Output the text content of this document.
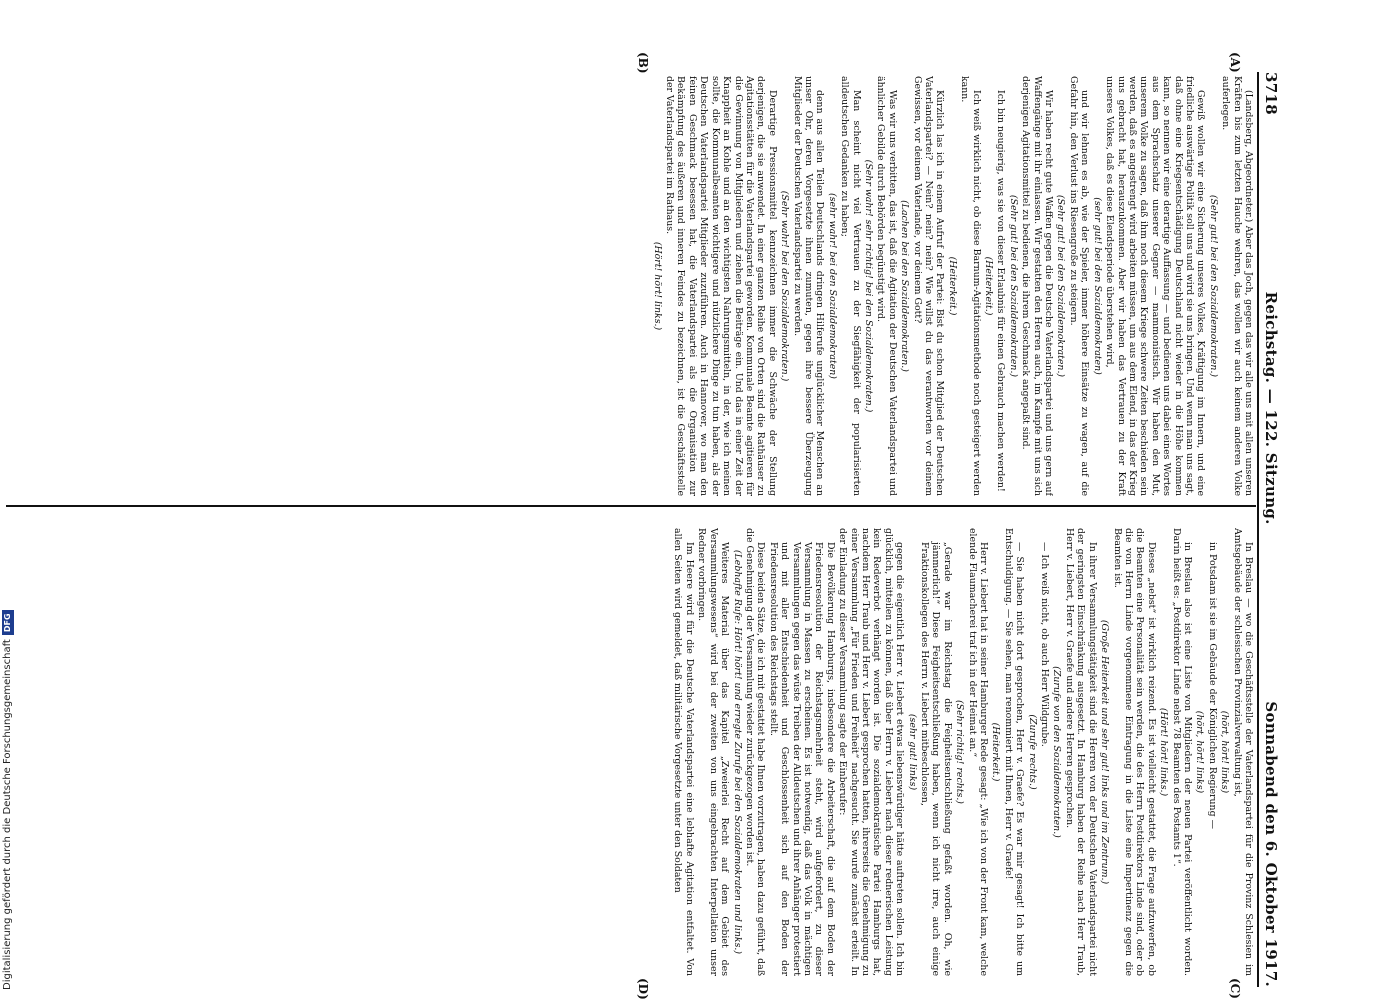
3718
Reichstag. — 122. Sitzung.
Sonnabend den 6. Oktober 1917.
(A)
(B)
(C)
(D)

(Landsberg, Abgeordneter.) Aber das Joch, gegen das wir alle uns mit allen unseren Kräften bis zum letzten Hauche wehren, das wollen wir auch keinem anderen Volke auferlegen.

(Sehr gut! bei den Sozialdemokraten.)

Gewiß wollen wir eine Sicherung unseres Volkes, Kräftigung im Innern, und eine friedliche auswärtige Politik soll uns und wird sie uns bringen. Und wenn man uns sagt, daß ohne eine Kriegsentschädigung Deutschland nicht wieder in die Höhe kommen kann, so nennen wir eine derartige Auffassung — und bedienen uns dabei eines Wortes aus dem Sprachschatz unserer Gegner — mammonistisch. Wir haben den Mut, unserem Volke zu sagen, daß ihm noch diesem Kriege schwere Zeiten beschieden sein werden, daß es angestrengt wird arbeiten müssen, um aus dem Elend, in das der Krieg uns gebracht hat, herauszukommen. Aber wir haben das Vertrauen zu der Kraft unseres Volkes, daß es diese Elendsperiode überstehen wird,

(sehr gut! bei den Sozialdemokraten)

und wir lehnen es ab, wie der Spieler, immer höhere Einsätze zu wagen, auf die Gefahr hin, den Verlust ins Riesengroße zu steigern.

(Sehr gut! bei den Sozialdemokraten.)

Wir haben recht gute Waffen gegen die Deutsche Vaterlandspartei und uns gern auf Waffengänge mit ihr einlassen. Wir gestatten den Herren auch, im Kampfe mit uns sich derjenigen Agitationsmittel zu bedienen, die ihrem Geschmack angepaßt sind.

(Sehr gut! bei den Sozialdemokraten.)

Ich bin neugierig, was sie von dieser Erlaubnis für einen Gebrauch machen werden!

(Heiterkeit.)

Ich weiß wirklich nicht, ob diese Barnum-Agitationsmethode noch gesteigert werden kann.

(Heiterkeit.)

Kürzlich las ich in einem Aufruf der Partei: Bist du schon Mitglied der Deutschen Vaterlandspartei? — Nein? nein? nein? Wie willst du das verantworten vor deinem Gewissen, vor deinem Vaterlande, vor deinem Gott?

(Lachen bei den Sozialdemokraten.)

Was wir uns verbitten, das ist, daß die Agitation der Deutschen Vaterlandspartei und ähnlicher Gebilde durch Behörden begünstigt wird.

(Sehr wahr! sehr richtig! bei den Sozialdemokraten.)

Man scheint nicht viel Vertrauen zu der Siegfähigkeit der popularisierten alldeutschen Gedanken zu haben;

(sehr wahr! bei den Sozialdemokraten)

denn aus allen Teilen Deutschlands dringen Hilferufe unglücklicher Menschen an unser Ohr, deren Vorgesetzte ihnen zumuten, gegen ihre bessere Überzeugung Mitglieder der Deutschen Vaterlandspartei zu werden.

(Sehr wahr! bei den Sozialdemokraten.)

Derartige Pressionsmittel kennzeichnen immer die Schwäche der Stellung derjenigen, die sie anwendet. In einer ganzen Reihe von Orten sind die Rathäuser zu Agitationsstätten für die Vaterlandspartei geworden. Kommunale Beamte agitieren für die Gewinnung von Mitgliedern und ziehen die Beiträge ein. Und das in einer Zeit der Knappheit an Kohle und an den wichtigsten Nahrungsmitteln, in der, wie ich meinen sollte, die Kommunalbeamten wichtigere und nützlichere Dinge zu tun haben, als der Deutschen Vaterlandspartei Mitglieder zuzuführen. Auch in Hannover, wo man den feinen Geschmack besessen hat, die Vaterlandspartei als die Organisation zur Bekämpfung des äußeren und inneren Feindes zu bezeichnen, ist die Geschäftsstelle der Vaterlandspartei im Rathaus.

(Hört! hört! links.)

In Breslau — wo die Geschäftsstelle der Vaterlandspartei für die Provinz Schlesien im Amtsgebäude der schlesischen Provinzialverwaltung ist,

(hört, hört! links)

in Potsdam ist sie im Gebäude der Königlichen Regierung —

(hört, hört! links)

in Breslau also ist eine Liste von Mitgliedern der neuen Partei veröffentlicht worden. Darin heißt es: „Postdirektor Linde nebst 78 Beamten des Postamts 1“.

(Hört! hört! links.)

Dieses „nebst“ ist wirklich reizend. Es ist vielleicht gestattet, die Frage aufzuwerfen, ob die Beamten eine Personalität sein werden, die des Herrn Postdirektors Linde sind, oder ob die von Herrn Linde vorgenommene Eintragung in die Liste eine Impertinenz gegen die Beamten ist.

(Große Heiterkeit und sehr gut! links und im Zentrum.)

In ihrer Versammlungstätigkeit sind die Herren von der Deutschen Vaterlandspartei nicht der geringsten Einschränkung ausgesetzt. In Hamburg haben der Reihe nach Herr Traub, Herr v. Liebert, Herr v. Graefe und andere Herren gesprochen.

(Zurufe von den Sozialdemokraten.)

— Ich weiß nicht, ob auch Herr Wildgrube.

(Zurufe rechts.)

— Sie haben nicht dort gesprochen, Herr v. Graefe? Es war mir gesagt! Ich bitte um Entschuldigung. — Sie sehen, man renommiert mit Ihnen, Herr v. Graefe!

(Heiterkeit.)

Herr v. Liebert hat in seiner Hamburger Rede gesagt: „Wie ich von der Front kam, welche elende Flaumacherei traf ich in der Heimat an.“

(Sehr richtig! rechts.)

„Gerade war im Reichstag die Feigheitsentschließung gefaßt worden. Oh, wie jämmerlich!“ Diese Feigheitsentschließung haben, wenn ich nicht irre, auch einige Fraktionskollegen des Herrn v. Liebert mitbeschlossen,

(sehr gut! links)

gegen die eigentlich Herr v. Liebert etwas liebenswürdiger hätte auftreten sollen. Ich bin glücklich, mitteilen zu können, daß über Herrn v. Liebert nach dieser rednerischen Leistung kein Redeverbot verhängt worden ist. Die sozialdemokratische Partei Hamburgs hat, nachdem Herr Traub und Herr v. Liebert gesprochen hatten, ihrerseits die Genehmigung zu einer Versammlung „Für Frieden und Freiheit“ nachgesucht. Sie wurde zunächst erteilt. In der Einladung zu dieser Versammlung sagte der Einberufer:

Die Bevölkerung Hamburgs, insbesondere die Arbeiterschaft, die auf dem Boden der Friedensresolution der Reichstagsmehrheit steht, wird aufgefordert, zu dieser Versammlung in Massen zu erscheinen. Es ist notwendig, daß das Volk in mächtigen Versammlungen gegen das wüste Treiben der Alldeutschen und ihrer Anhänger protestiert und mit aller Entschiedenheit und Geschlossenheit sich auf den Boden der Friedensresolution des Reichstags stellt.

Diese beiden Sätze, die ich mit gestattet habe Ihnen vorzutragen, haben dazu geführt, daß die Genehmigung der Versammlung wieder zurückgezogen worden ist.

(Lebhafte Rufe: Hört! hört! und erregte Zurufe bei den Sozialdemokraten und links.)

Weiteres Material über das Kapitel „Zweierlei Recht auf dem Gebiet des Versammlungswesens“ wird bei der zweiten von uns eingebrachten Interpellation unser Redner vorbringen.

Im Heere wird für die Deutsche Vaterlandspartei eine lebhafte Agitation entfaltet. Von allen Seiten wird gemeldet, daß militärische Vorgesetzte unter den Soldaten

Digitalisierung gefördert durch die Deutsche Forschungsgemeinschaft
DFG
